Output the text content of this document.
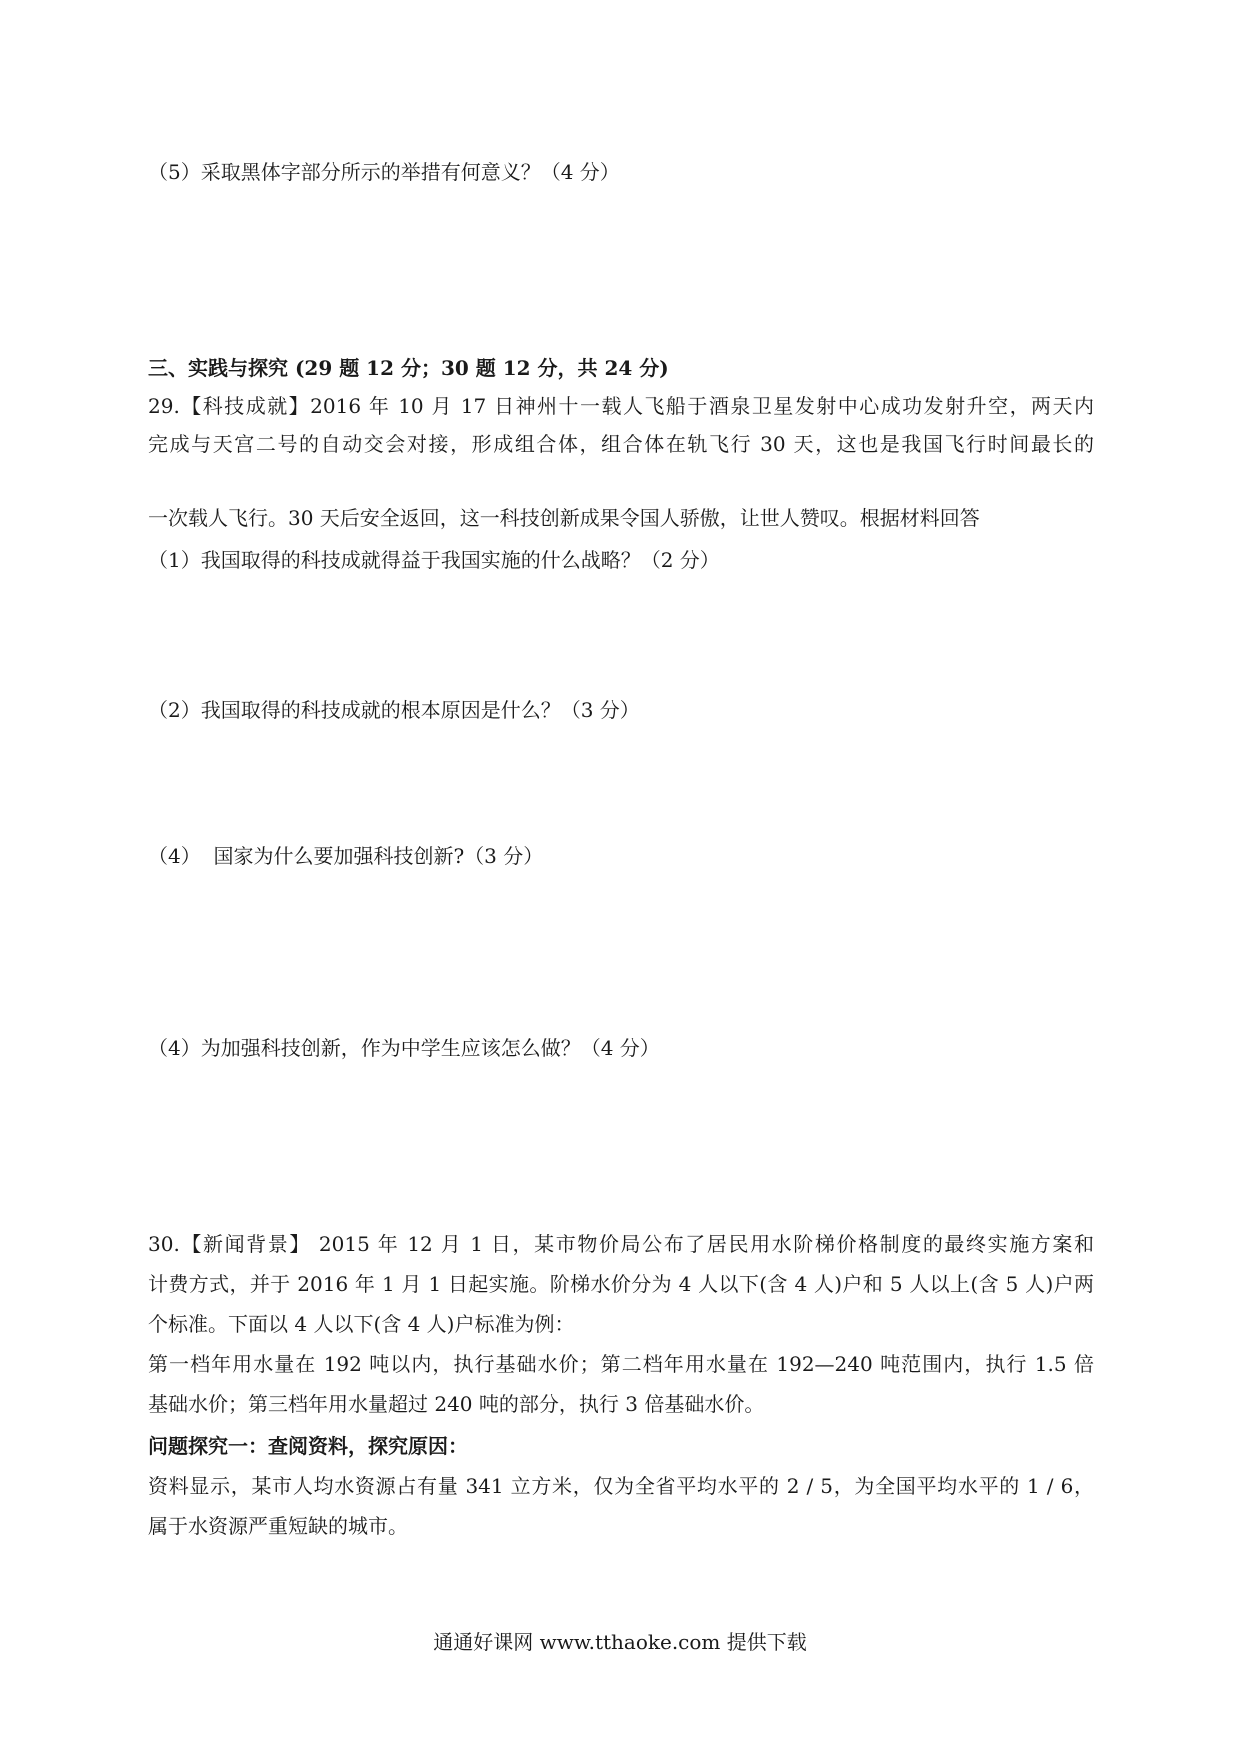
（5）采取黑体字部分所示的举措有何意义？（4 分）
三、实践与探究 (29 题 12 分；30 题 12 分，共 24 分)
29.【科技成就】2016 年 10 月 17 日神州十一载人飞船于酒泉卫星发射中心成功发射升空，两天内
完成与天宫二号的自动交会对接，形成组合体，组合体在轨飞行 30 天，这也是我国飞行时间最长的
一次载人飞行。30 天后安全返回，这一科技创新成果令国人骄傲，让世人赞叹。根据材料回答
（1）我国取得的科技成就得益于我国实施的什么战略？（2 分）
（2）我国取得的科技成就的根本原因是什么？（3 分）
（4）  国家为什么要加强科技创新?（3 分）
（4）为加强科技创新，作为中学生应该怎么做？（4 分）
30.【新闻背景】 2015 年 12 月 1 日，某市物价局公布了居民用水阶梯价格制度的最终实施方案和
计费方式，并于 2016 年 1 月 1 日起实施。阶梯水价分为 4 人以下(含 4 人)户和 5 人以上(含 5 人)户两
个标准。下面以 4 人以下(含 4 人)户标准为例：
第一档年用水量在 192 吨以内，执行基础水价；第二档年用水量在 192—240 吨范围内，执行 1.5 倍
基础水价；第三档年用水量超过 240 吨的部分，执行 3 倍基础水价。
问题探究一：查阅资料，探究原因：
资料显示，某市人均水资源占有量 341 立方米，仅为全省平均水平的 2 / 5，为全国平均水平的 1 / 6，
属于水资源严重短缺的城市。
通通好课网 www.tthaoke.com 提供下载
